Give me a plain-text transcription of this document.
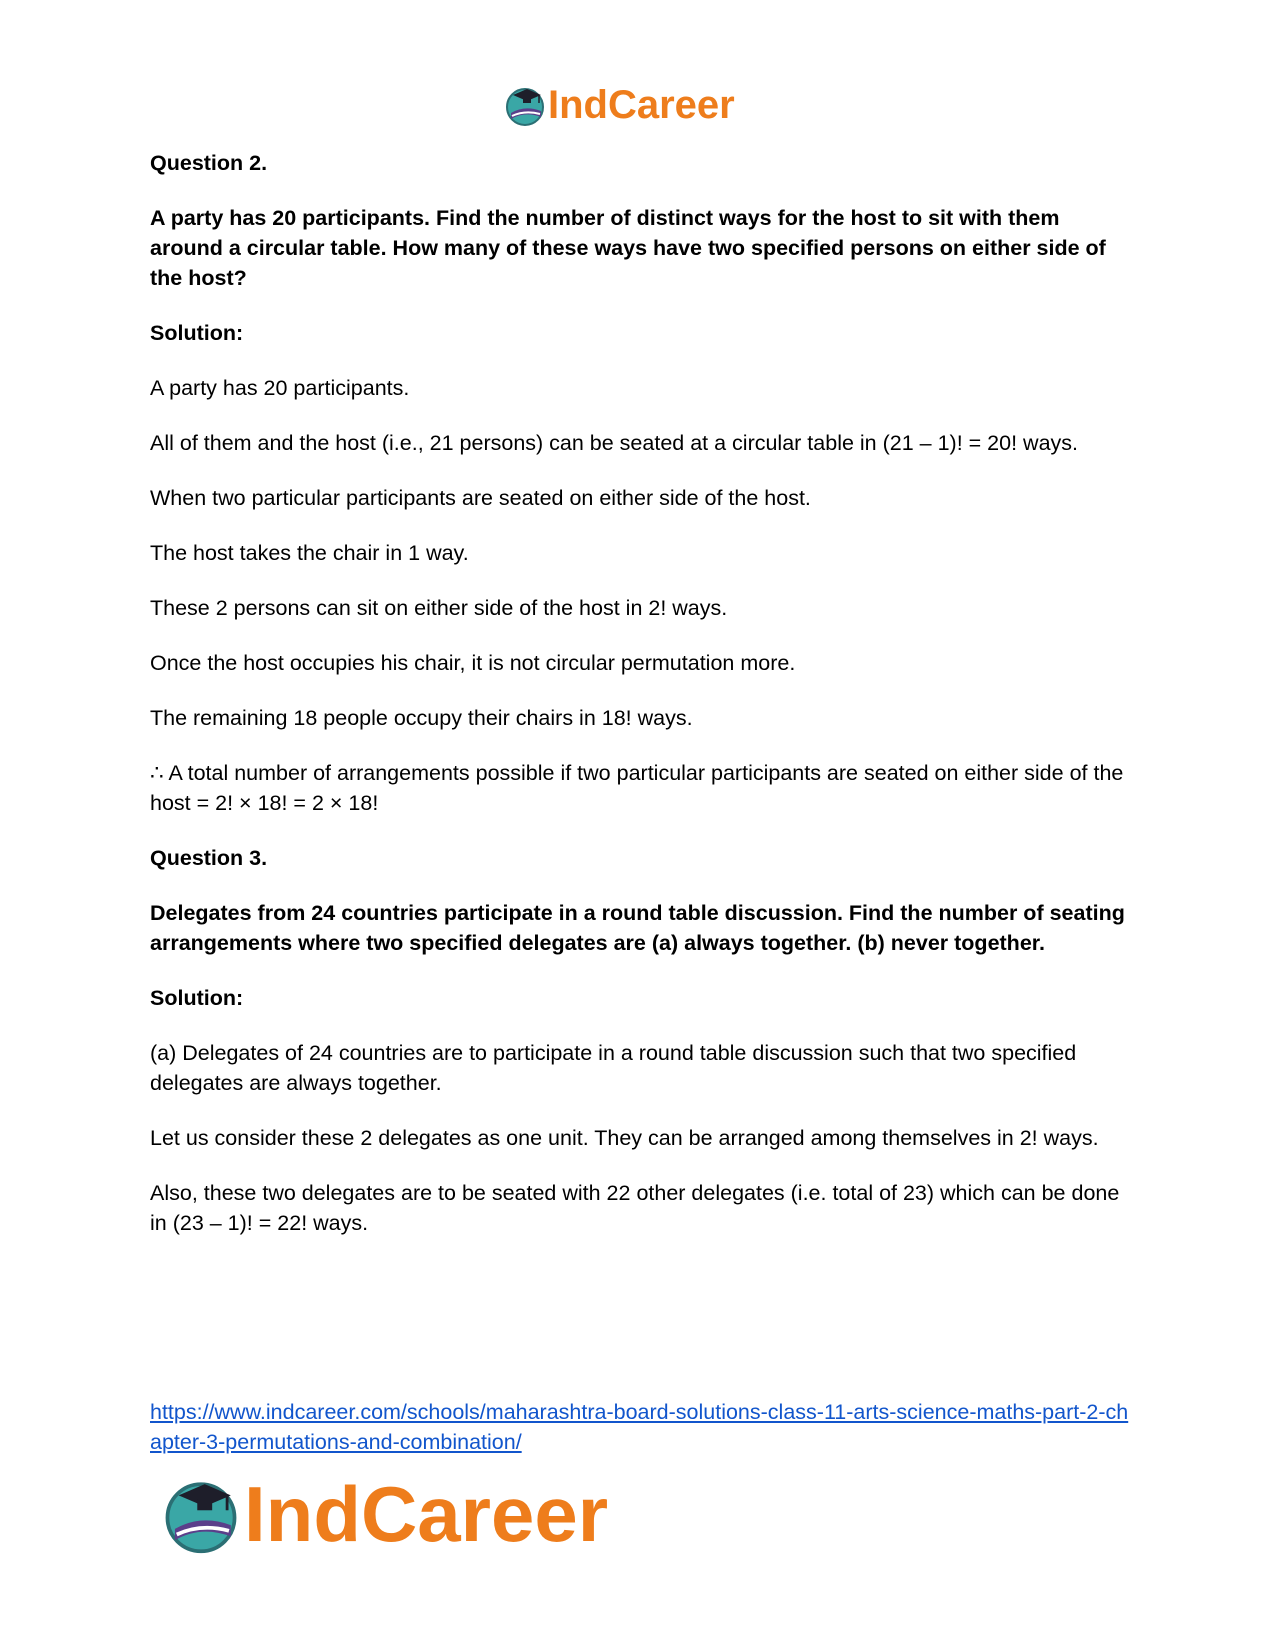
IndCareer

Question 2.

A party has 20 participants. Find the number of distinct ways for the host to sit with them around a circular table. How many of these ways have two specified persons on either side of the host?

Solution:

A party has 20 participants.

All of them and the host (i.e., 21 persons) can be seated at a circular table in (21 – 1)! = 20! ways.

When two particular participants are seated on either side of the host.

The host takes the chair in 1 way.

These 2 persons can sit on either side of the host in 2! ways.

Once the host occupies his chair, it is not circular permutation more.

The remaining 18 people occupy their chairs in 18! ways.

∴ A total number of arrangements possible if two particular participants are seated on either side of the host = 2! × 18! = 2 × 18!

Question 3.

Delegates from 24 countries participate in a round table discussion. Find the number of seating arrangements where two specified delegates are (a) always together. (b) never together.

Solution:

(a) Delegates of 24 countries are to participate in a round table discussion such that two specified delegates are always together.

Let us consider these 2 delegates as one unit. They can be arranged among themselves in 2! ways.

Also, these two delegates are to be seated with 22 other delegates (i.e. total of 23) which can be done in (23 – 1)! = 22! ways.

https://www.indcareer.com/schools/maharashtra-board-solutions-class-11-arts-science-maths-part-2-chapter-3-permutations-and-combination/
IndCareer
